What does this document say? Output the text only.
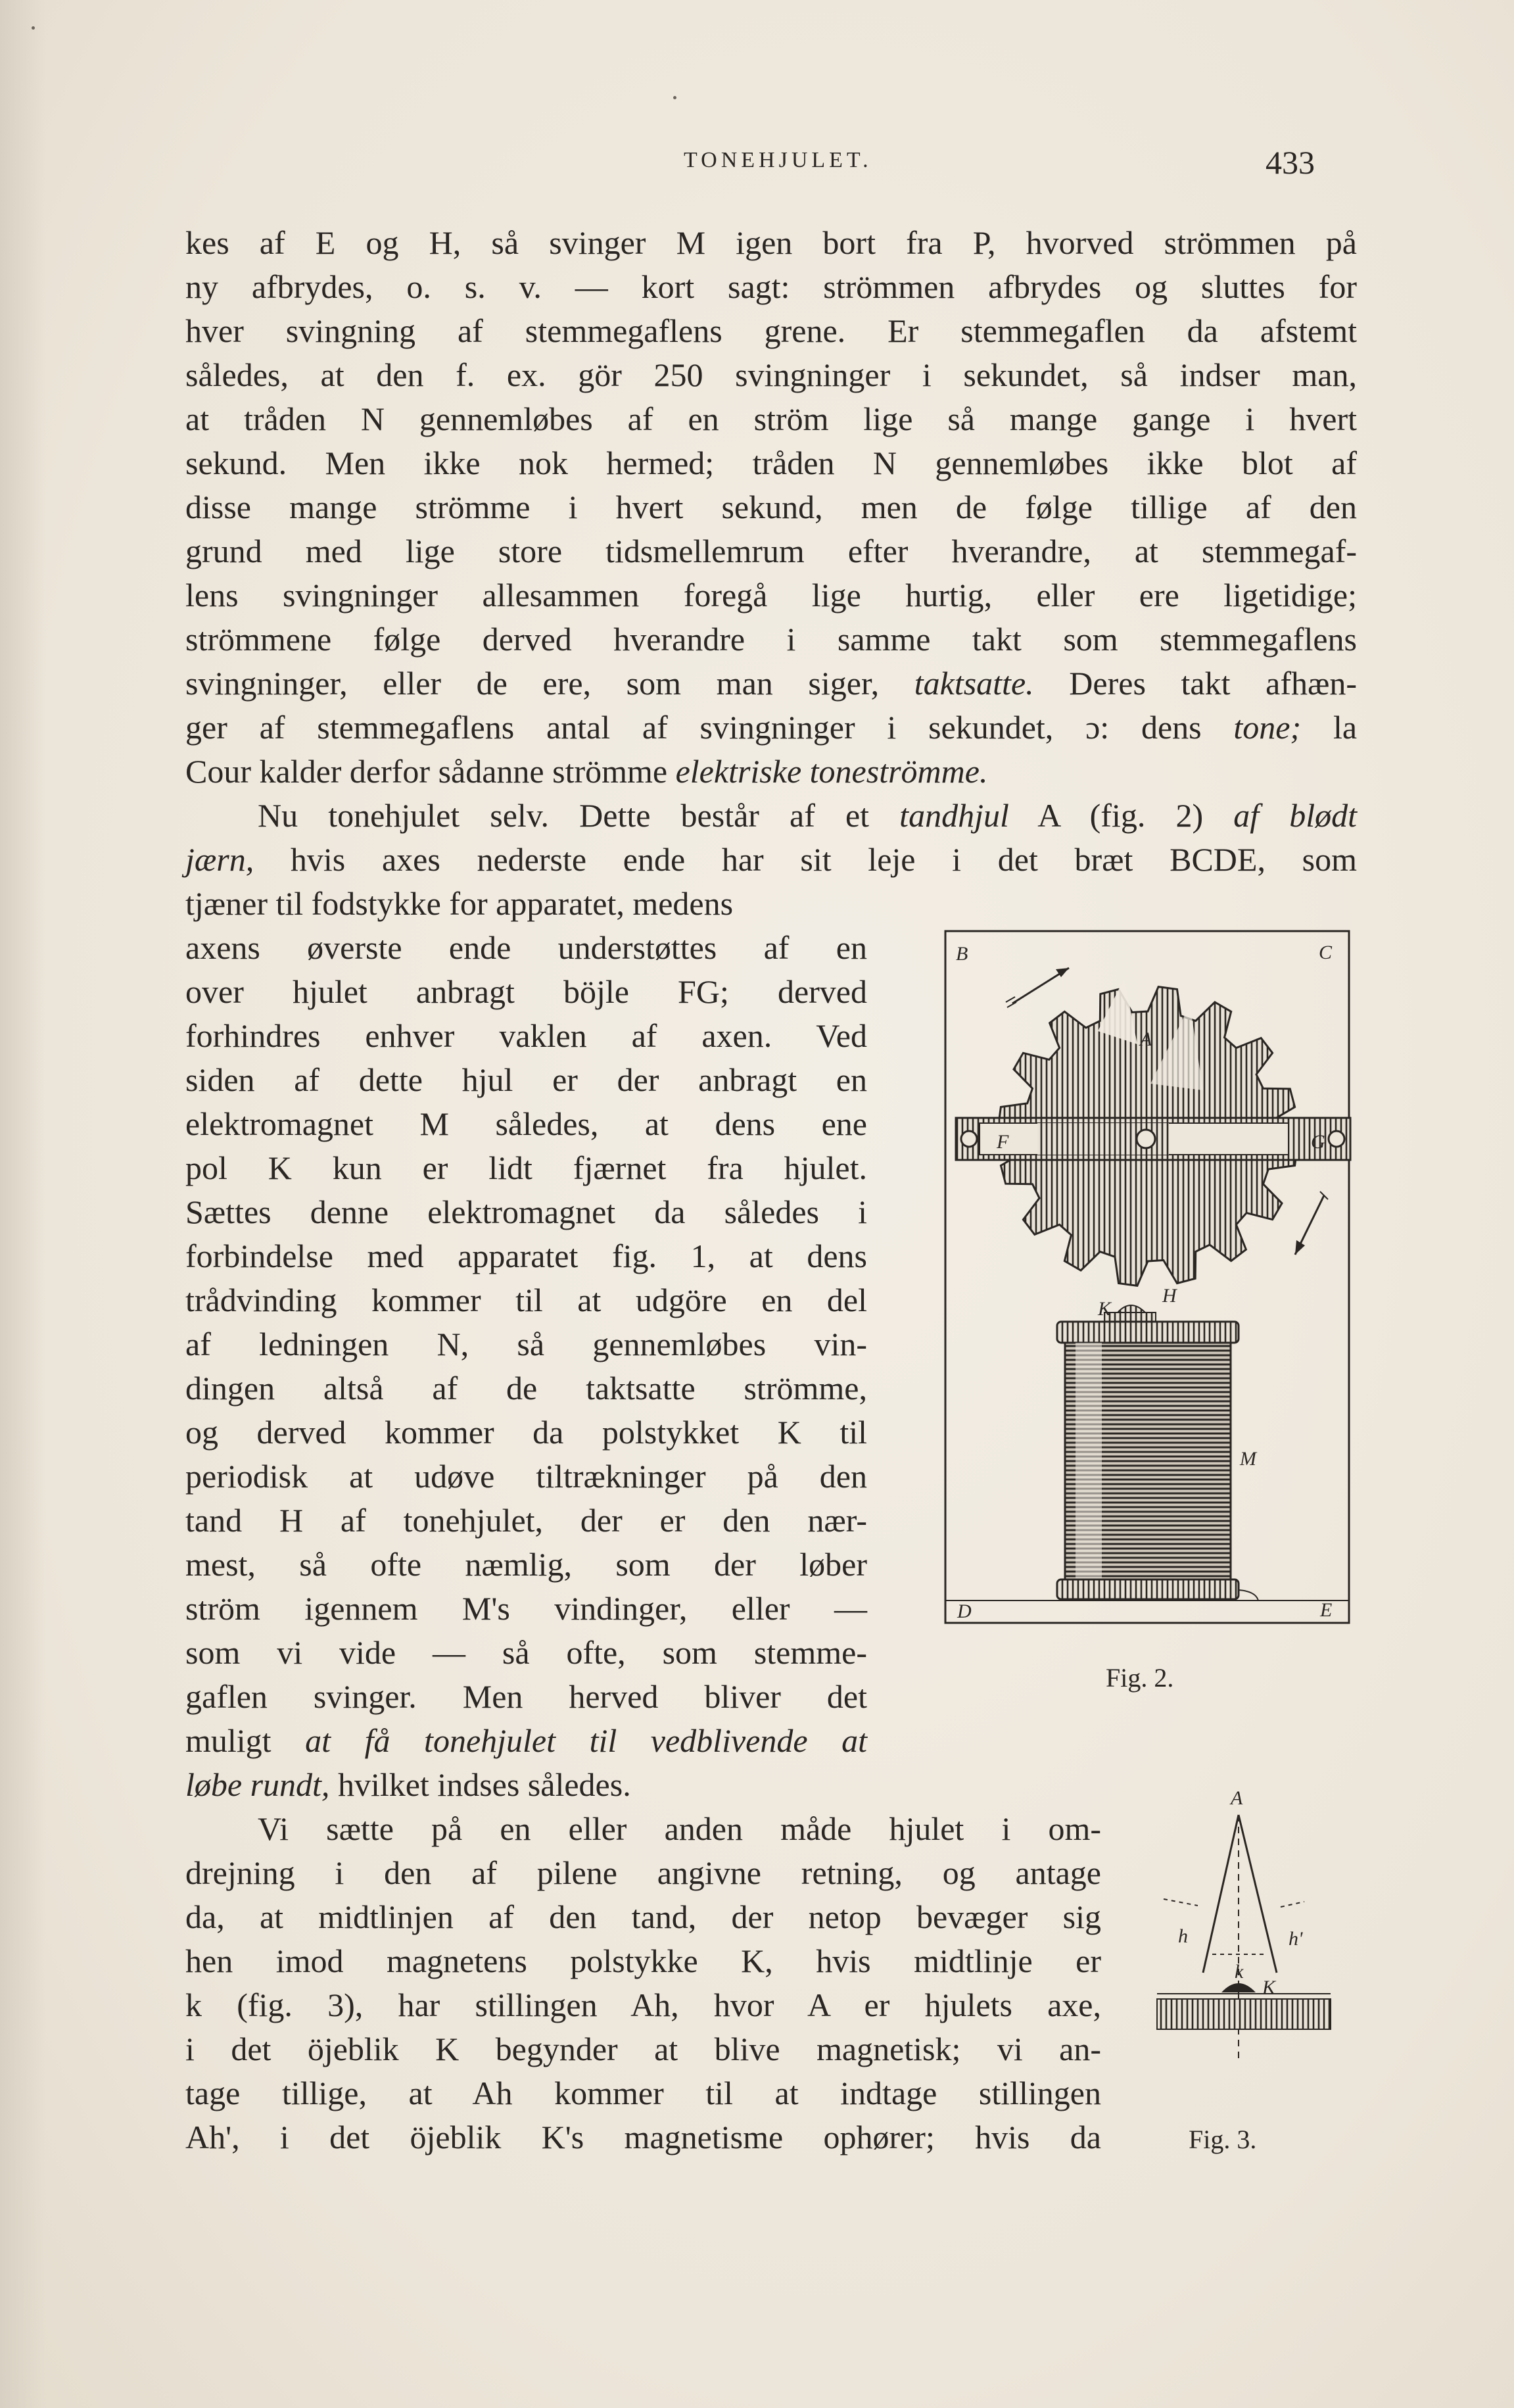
TONEHJULET.	433
kes af E og H, så svinger M igen bort fra P, hvorved strömmen på
ny afbrydes, o. s. v. — kort sagt: strömmen afbrydes og sluttes for
hver svingning af stemmegaflens grene. Er stemmegaflen da afstemt
således, at den f. ex. gör 250 svingninger i sekundet, så indser man,
at tråden N gennemløbes af en ström lige så mange gange i hvert
sekund. Men ikke nok hermed; tråden N gennemløbes ikke blot af
disse mange strömme i hvert sekund, men de følge tillige af den
grund med lige store tidsmellemrum efter hverandre, at stemmegaf-
lens svingninger allesammen foregå lige hurtig, eller ere ligetidige;
strömmene følge derved hverandre i samme takt som stemmegaflens
svingninger, eller de ere, som man siger, taktsatte. Deres takt afhæn-
ger af stemmegaflens antal af svingninger i sekundet, ɔ: dens tone; la
Cour kalder derfor sådanne strömme elektriske toneströmme.
Nu tonehjulet selv. Dette består af et tandhjul A (fig. 2) af blødt
jærn, hvis axes nederste ende har sit leje i det bræt BCDE, som
tjæner til fodstykke for apparatet, medens
axens øverste ende understøttes af en
over hjulet anbragt böjle FG; derved
forhindres enhver vaklen af axen. Ved
siden af dette hjul er der anbragt en
elektromagnet M således, at dens ene
pol K kun er lidt fjærnet fra hjulet.
Sættes denne elektromagnet da således i
forbindelse med apparatet fig. 1, at dens
trådvinding kommer til at udgöre en del
af ledningen N, så gennemløbes vin-
dingen altså af de taktsatte strömme,
og derved kommer da polstykket K til
periodisk at udøve tiltrækninger på den
tand H af tonehjulet, der er den nær-
mest, så ofte næmlig, som der løber
ström igennem M's vindinger, eller —
som vi vide — så ofte, som stemme-
gaflen svinger. Men herved bliver det
muligt at få tonehjulet til vedblivende at
løbe rundt, hvilket indses således.
Vi sætte på en eller anden måde hjulet i om-
drejning i den af pilene angivne retning, og antage
da, at midtlinjen af den tand, der netop bevæger sig
hen imod magnetens polstykke K, hvis midtlinje er
k (fig. 3), har stillingen Ah, hvor A er hjulets axe,
i det öjeblik K begynder at blive magnetisk; vi an-
tage tillige, at Ah kommer til at indtage stillingen
Ah', i det öjeblik K's magnetisme ophører; hvis da
B	C
A
F	G
K
H
M
D	E
Fig. 2.
A
h	h'
k
K
Fig. 3.
